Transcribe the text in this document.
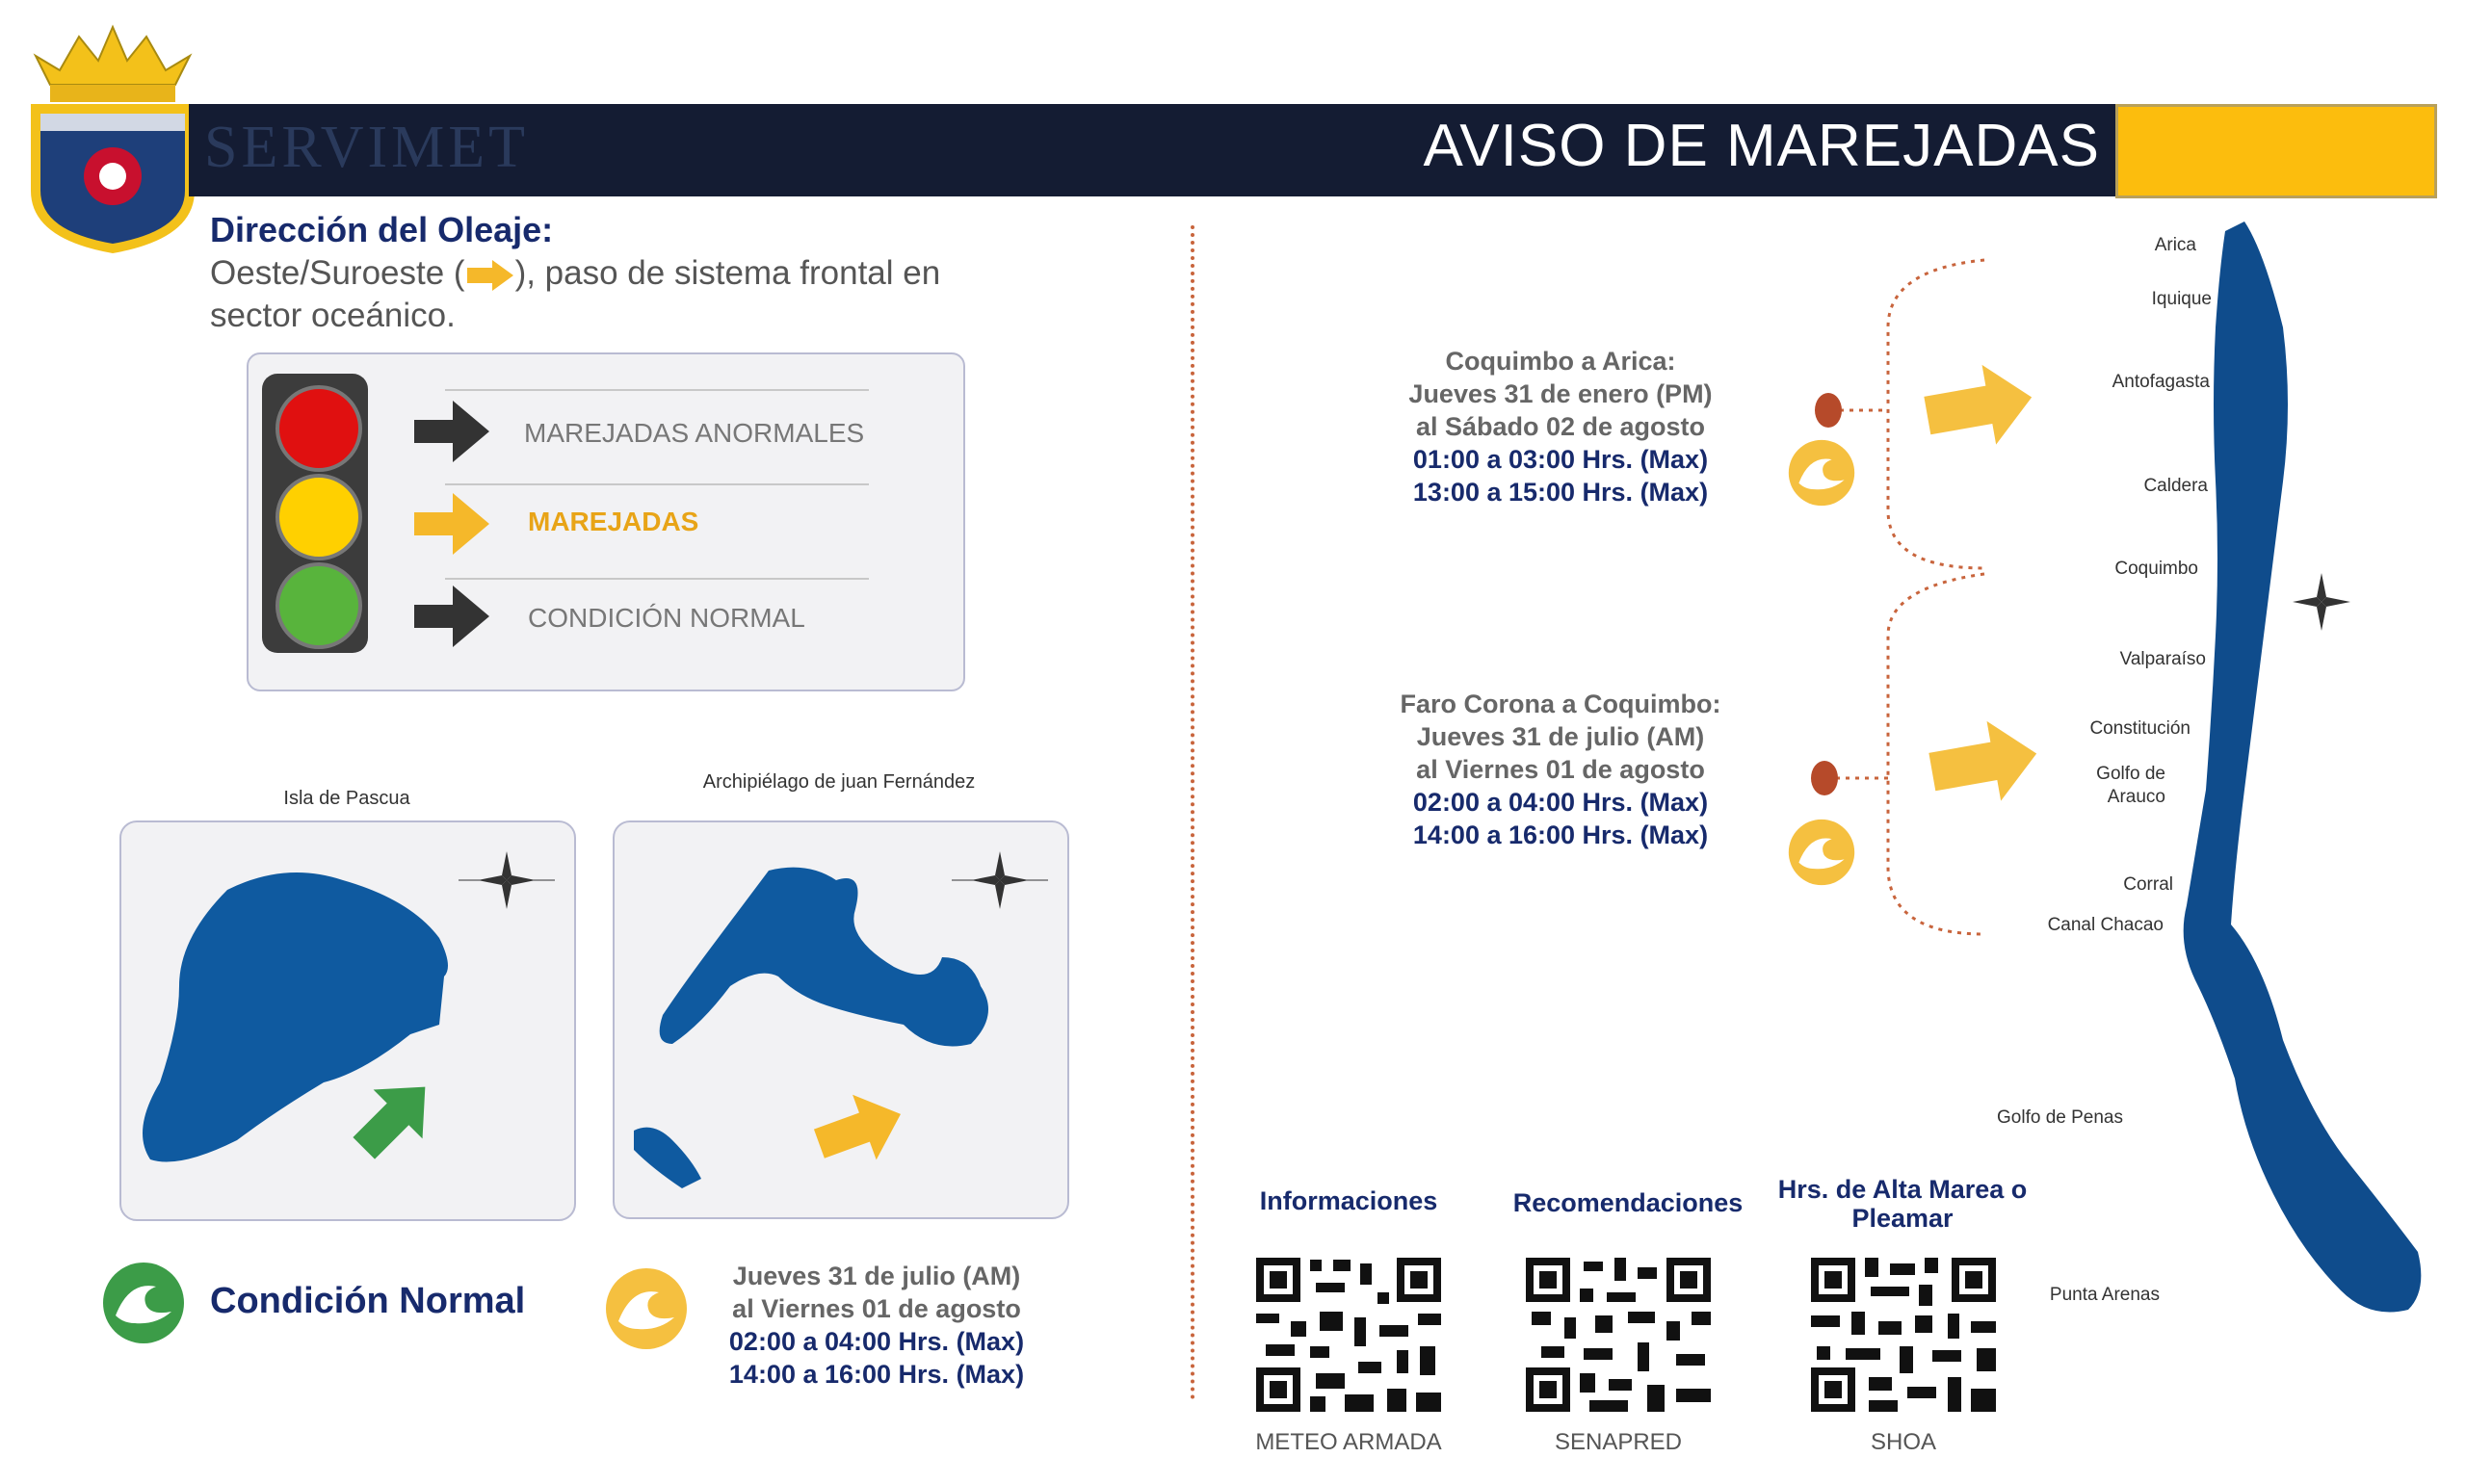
SERVIMET	AVISO DE MAREJADAS
Dirección del Oleaje:
Oeste/Suroeste ( ), paso de sistema frontal en sector oceánico.
MAREJADAS ANORMALES
MAREJADAS
CONDICIÓN NORMAL
Isla de Pascua
Archipiélago de juan Fernández
Condición Normal
Jueves 31 de julio (AM)
al Viernes 01 de agosto
02:00 a 04:00 Hrs. (Max)
14:00 a 16:00 Hrs. (Max)
Coquimbo a Arica:
Jueves 31 de enero (PM)
al Sábado 02 de agosto
01:00 a 03:00 Hrs. (Max)
13:00 a 15:00 Hrs. (Max)
Faro Corona a Coquimbo:
Jueves 31 de julio (AM)
al Viernes 01 de agosto
02:00 a 04:00 Hrs. (Max)
14:00 a 16:00 Hrs. (Max)
Informaciones	Recomendaciones	Hrs. de Alta Marea o Pleamar
METEO ARMADA	SENAPRED	SHOA
Arica
Iquique
Antofagasta
Caldera
Coquimbo
Valparaíso
Constitución
Golfo de Arauco
Corral
Canal Chacao
Golfo de Penas
Punta Arenas
